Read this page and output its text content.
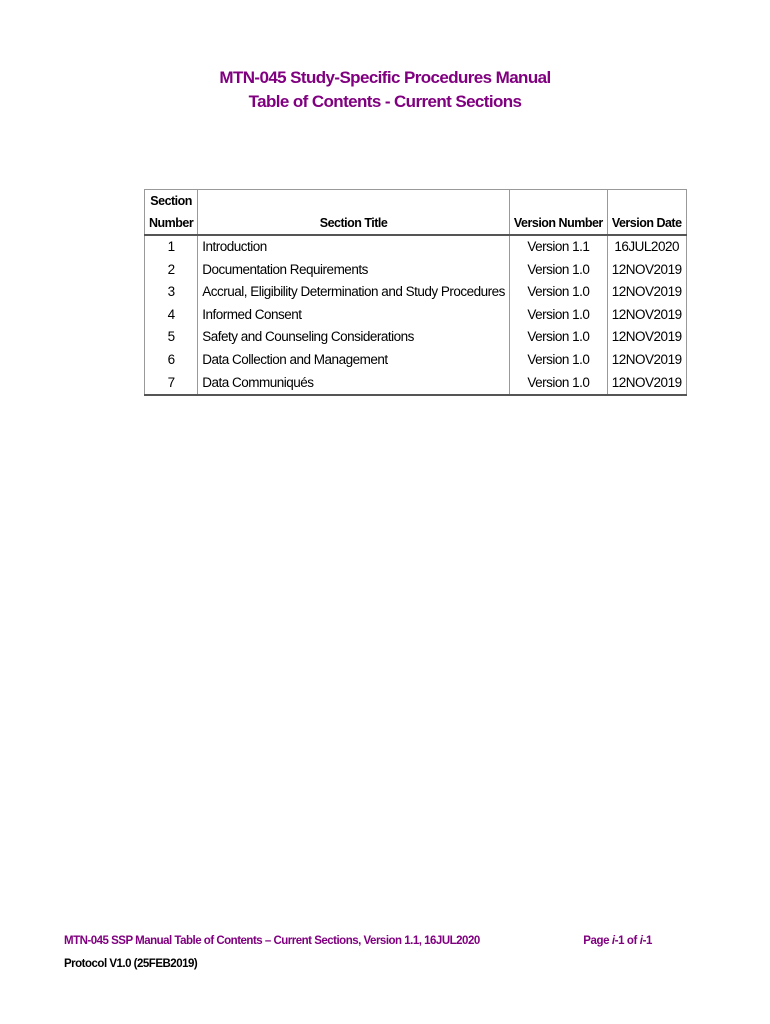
MTN-045 Study-Specific Procedures Manual
Table of Contents - Current Sections
Section
Number	Section Title	Version Number	Version Date
1	Introduction	Version 1.1	16JUL2020
2	Documentation Requirements	Version 1.0	12NOV2019
3	Accrual, Eligibility Determination and Study Procedures	Version 1.0	12NOV2019
4	Informed Consent	Version 1.0	12NOV2019
5	Safety and Counseling Considerations	Version 1.0	12NOV2019
6	Data Collection and Management	Version 1.0	12NOV2019
7	Data Communiqués	Version 1.0	12NOV2019
MTN-045 SSP Manual Table of Contents – Current Sections, Version 1.1, 16JUL2020	Page i-1 of i-1
Protocol V1.0 (25FEB2019)
